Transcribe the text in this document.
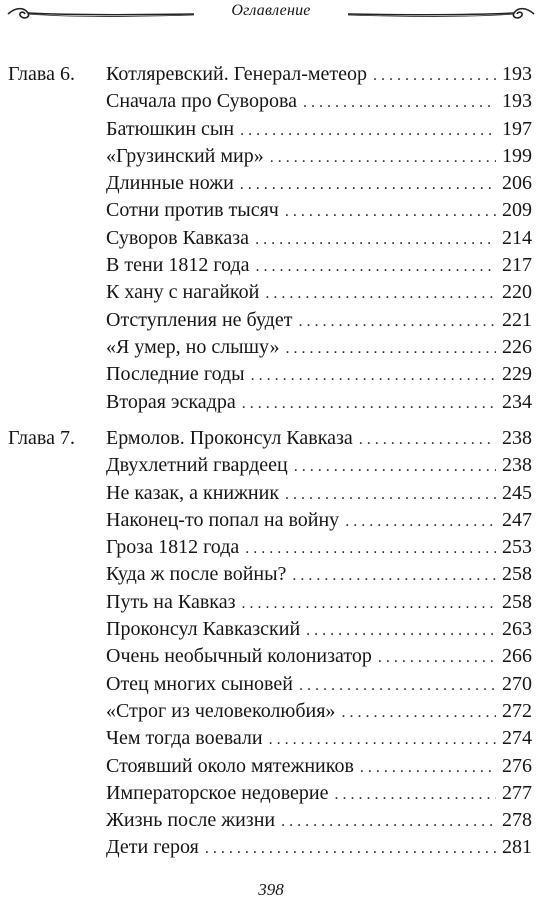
Оглавление
Глава 6. Котляревский. Генерал-метеор . . .	193
Сначала про Суворова . . .	193
Батюшкин сын . . .	197
«Грузинский мир» . . .	199
Длинные ножи . . .	206
Сотни против тысяч . . .	209
Суворов Кавказа . . .	214
В тени 1812 года . . .	217
К хану с нагайкой . . .	220
Отступления не будет . . .	221
«Я умер, но слышу» . . .	226
Последние годы . . .	229
Вторая эскадра . . .	234
Глава 7. Ермолов. Проконсул Кавказа . . .	238
Двухлетний гвардеец . . .	238
Не казак, а книжник . . .	245
Наконец-то попал на войну . . .	247
Гроза 1812 года . . .	253
Куда ж после войны? . . .	258
Путь на Кавказ . . .	258
Проконсул Кавказский . . .	263
Очень необычный колонизатор . . .	266
Отец многих сыновей . . .	270
«Строг из человеколюбия» . . .	272
Чем тогда воевали . . .	274
Стоявший около мятежников . . .	276
Императорское недоверие . . .	277
Жизнь после жизни . . .	278
Дети героя . . .	281
398
